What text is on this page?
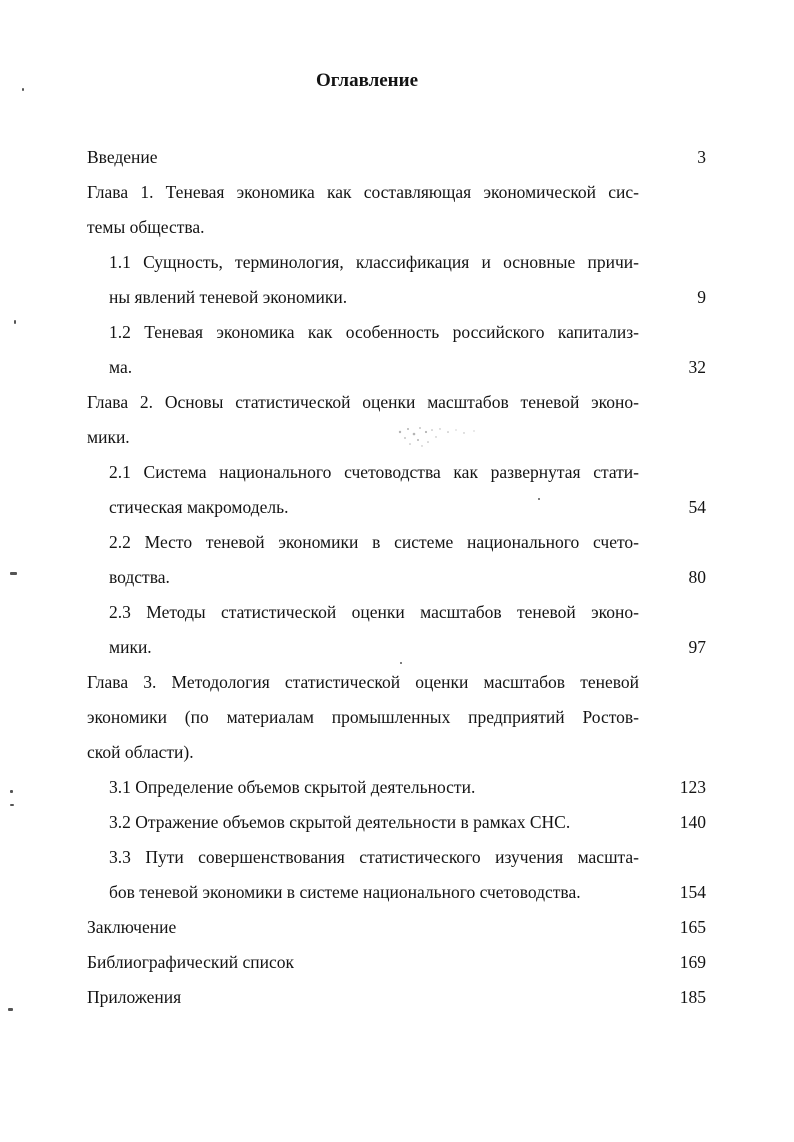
Оглавление
Введение	3
Глава 1. Теневая экономика как составляющая экономической сис-
темы общества.
1.1 Сущность, терминология, классификация и основные причи-
ны явлений теневой экономики.	9
1.2 Теневая экономика как особенность российского капитализ-
ма.	32
Глава 2. Основы статистической оценки масштабов теневой эконо-
мики.
2.1 Система национального счетоводства как развернутая стати-
стическая макромодель.	54
2.2 Место теневой экономики в системе национального счето-
водства.	80
2.3 Методы статистической оценки масштабов теневой эконо-
мики.	97
Глава 3. Методология статистической оценки масштабов теневой
экономики (по материалам промышленных предприятий Ростов-
ской области).
3.1 Определение объемов скрытой деятельности.	123
3.2 Отражение объемов скрытой деятельности в рамках СНС.	140
3.3 Пути совершенствования статистического изучения масшта-
бов теневой экономики в системе национального счетоводства.	154
Заключение	165
Библиографический список	169
Приложения	185
